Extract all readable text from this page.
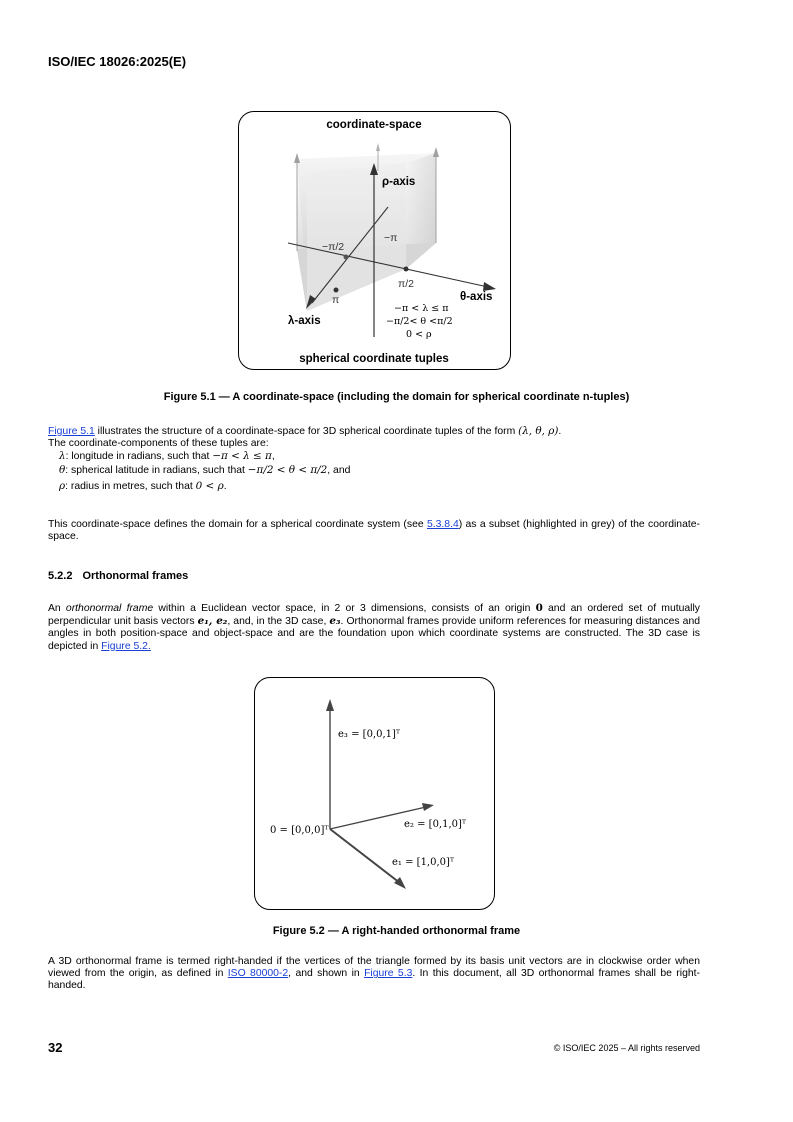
ISO/IEC 18026:2025(E)
coordinate-space
ρ-axis
θ-axis
λ-axis
−π/2
−π
π/2
π
−π < λ ≤ π
−π/2< θ <π/2
0 < ρ
spherical coordinate tuples
Figure 5.1 — A coordinate-space (including the domain for spherical coordinate n-tuples)
Figure 5.1 illustrates the structure of a coordinate-space for 3D spherical coordinate tuples of the form (λ, θ, ρ).
The coordinate-components of these tuples are:
λ: longitude in radians, such that −π < λ ≤ π,
θ: spherical latitude in radians, such that −π/2 < θ < π/2, and
ρ: radius in metres, such that 0 < ρ.
This coordinate-space defines the domain for a spherical coordinate system (see 5.3.8.4) as a subset (highlighted in grey) of the coordinate-space.
5.2.2 Orthonormal frames
An orthonormal frame within a Euclidean vector space, in 2 or 3 dimensions, consists of an origin 0 and an ordered set of mutually perpendicular unit basis vectors e₁, e₂, and, in the 3D case, e₃. Orthonormal frames provide uniform references for measuring distances and angles in both position-space and object-space and are the foundation upon which coordinate systems are constructed. The 3D case is depicted in Figure 5.2.
e₃ = [0,0,1]ᵀ
0 = [0,0,0]ᵀ
e₂ = [0,1,0]ᵀ
e₁ = [1,0,0]ᵀ
Figure 5.2 — A right-handed orthonormal frame
A 3D orthonormal frame is termed right-handed if the vertices of the triangle formed by its basis unit vectors are in clockwise order when viewed from the origin, as defined in ISO 80000-2, and shown in Figure 5.3. In this document, all 3D orthonormal frames shall be right-handed.
32	© ISO/IEC 2025 – All rights reserved
